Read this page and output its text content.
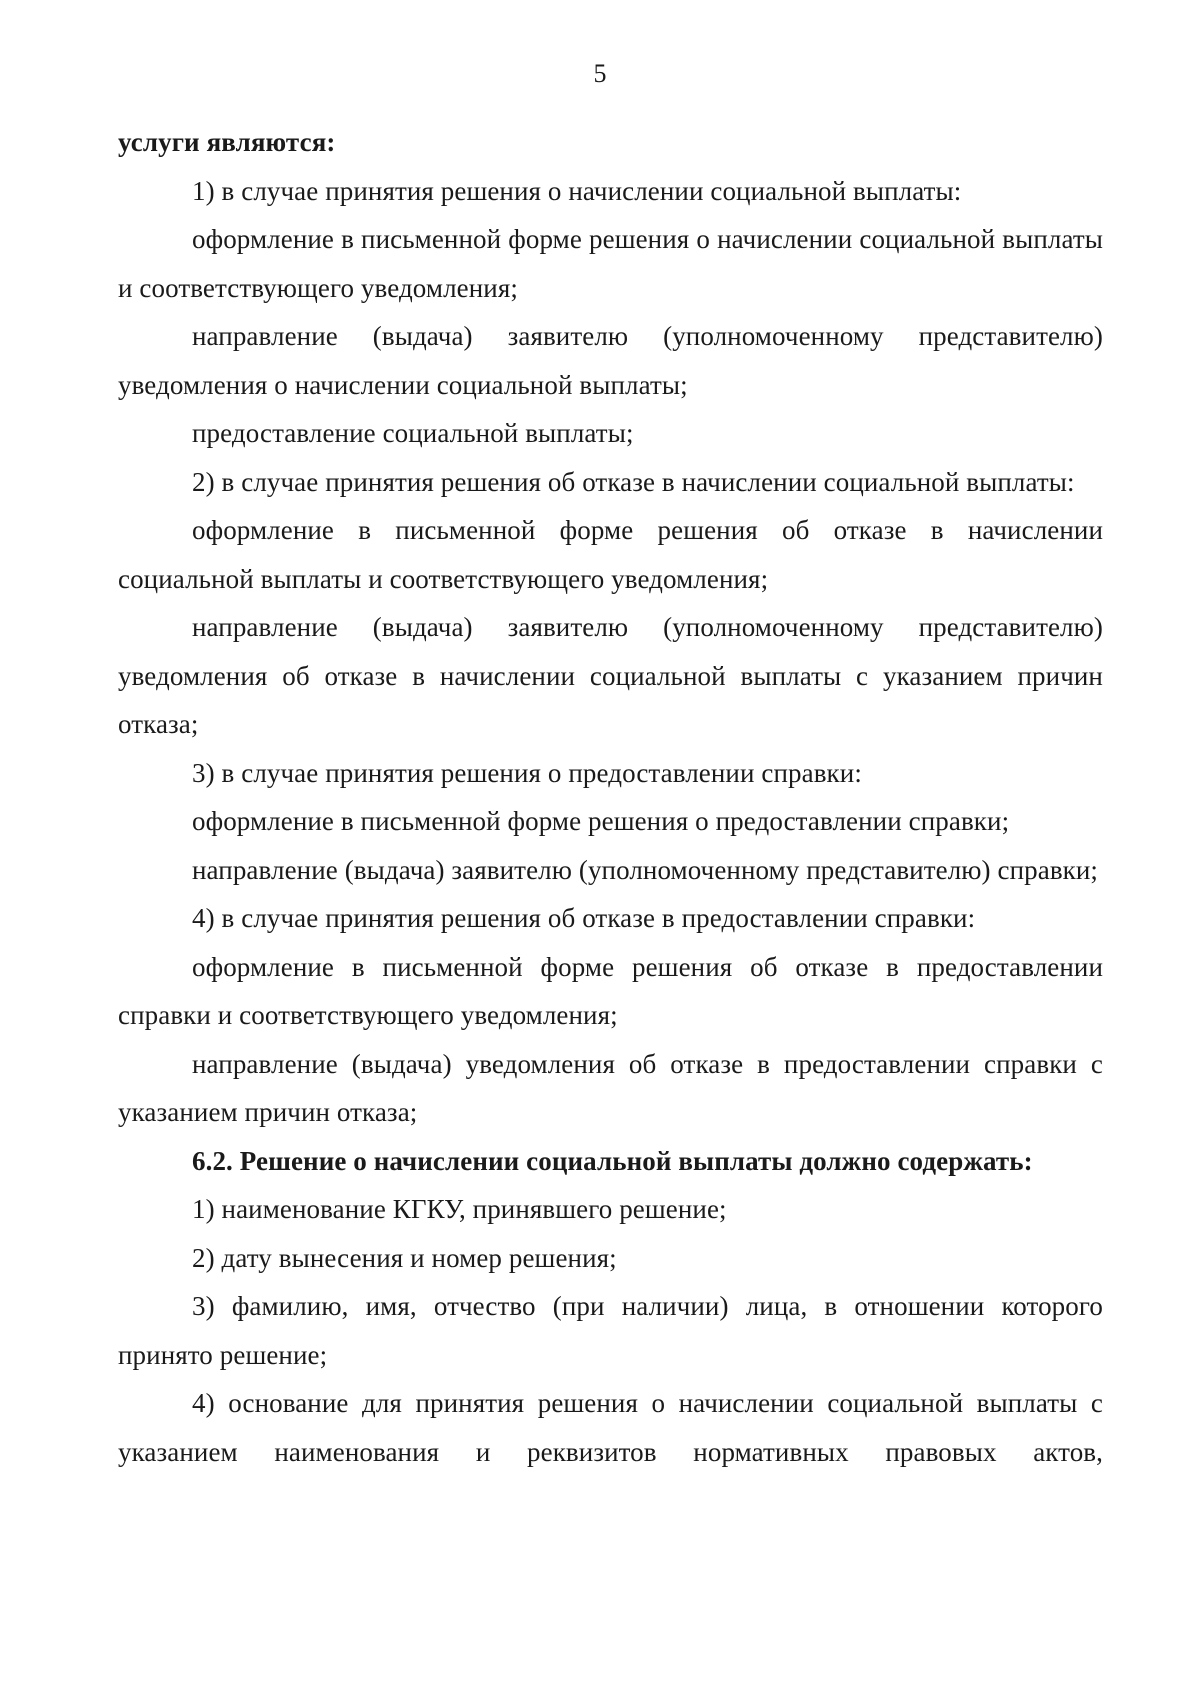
5

услуги являются:

1) в случае принятия решения о начислении социальной выплаты:

оформление в письменной форме решения о начислении социальной выплаты и соответствующего уведомления;

направление (выдача) заявителю (уполномоченному представителю) уведомления о начислении социальной выплаты;

предоставление социальной выплаты;

2) в случае принятия решения об отказе в начислении социальной выплаты:

оформление в письменной форме решения об отказе в начислении социальной выплаты и соответствующего уведомления;

направление (выдача) заявителю (уполномоченному представителю) уведомления об отказе в начислении социальной выплаты с указанием причин отказа;

3) в случае принятия решения о предоставлении справки:

оформление в письменной форме решения о предоставлении справки;

направление (выдача) заявителю (уполномоченному представителю) справки;

4) в случае принятия решения об отказе в предоставлении справки:

оформление в письменной форме решения об отказе в предоставлении справки и соответствующего уведомления;

направление (выдача) уведомления об отказе в предоставлении справки с указанием причин отказа;

6.2. Решение о начислении социальной выплаты должно содержать:

1) наименование КГКУ, принявшего решение;

2) дату вынесения и номер решения;

3) фамилию, имя, отчество (при наличии) лица, в отношении которого принято решение;

4) основание для принятия решения о начислении социальной выплаты с указанием наименования и реквизитов нормативных правовых актов,
